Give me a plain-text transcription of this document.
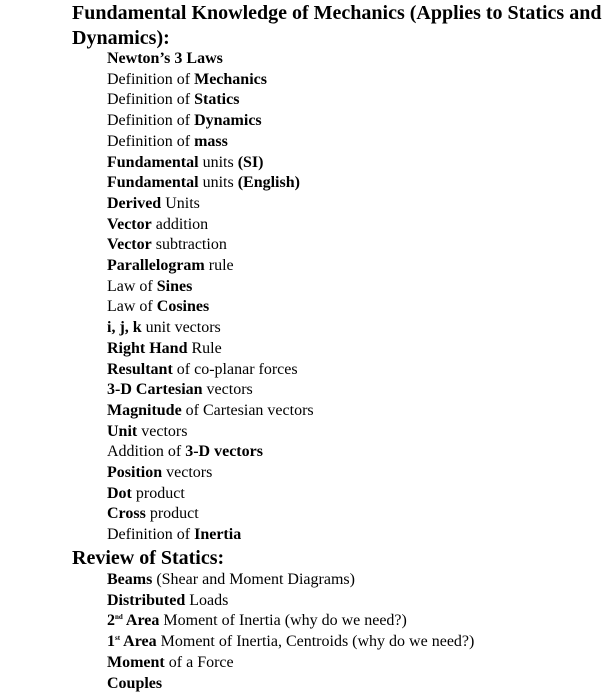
Fundamental Knowledge of Mechanics (Applies to Statics and Dynamics):
Newton’s 3 Laws
Definition of Mechanics
Definition of Statics
Definition of Dynamics
Definition of mass
Fundamental units (SI)
Fundamental units (English)
Derived Units
Vector addition
Vector subtraction
Parallelogram rule
Law of Sines
Law of Cosines
i, j, k unit vectors
Right Hand Rule
Resultant of co-planar forces
3-D Cartesian vectors
Magnitude of Cartesian vectors
Unit vectors
Addition of 3-D vectors
Position vectors
Dot product
Cross product
Definition of Inertia
Review of Statics:
Beams (Shear and Moment Diagrams)
Distributed Loads
2nd Area Moment of Inertia (why do we need?)
1st Area Moment of Inertia, Centroids (why do we need?)
Moment of a Force
Couples
